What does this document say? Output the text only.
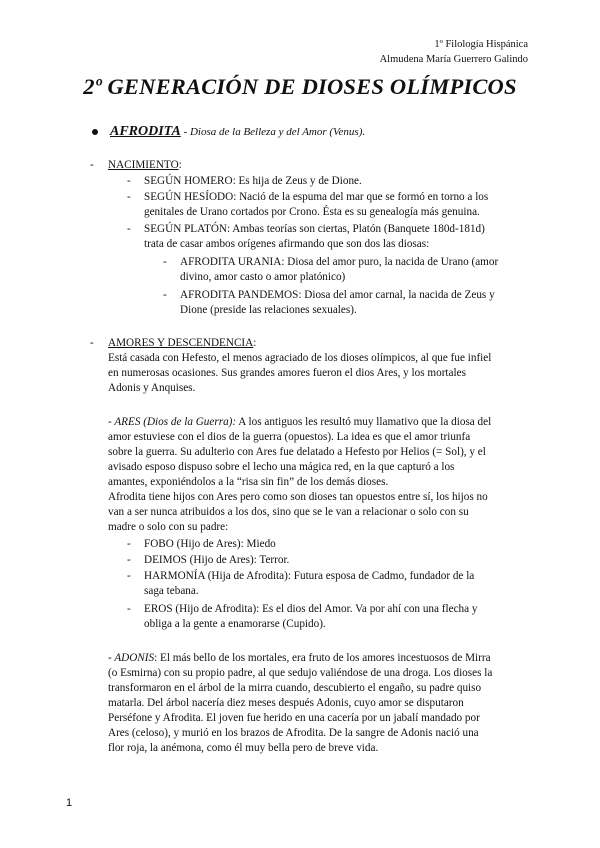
1º Filología Hispánica
Almudena María Guerrero Galindo
2º GENERACIÓN DE DIOSES OLÍMPICOS
AFRODITA - Diosa de la Belleza y del Amor (Venus).
- NACIMIENTO:
- SEGÚN HOMERO: Es hija de Zeus y de Dione.
- SEGÚN HESÍODO: Nació de la espuma del mar que se formó en torno a los
genitales de Urano cortados por Crono. Ésta es su genealogía más genuina.
- SEGÚN PLATÓN: Ambas teorías son ciertas, Platón (Banquete 180d-181d)
trata de casar ambos orígenes afirmando que son dos las diosas:
- AFRODITA URANIA: Diosa del amor puro, la nacida de Urano (amor
divino, amor casto o amor platónico)
- AFRODITA PANDEMOS: Diosa del amor carnal, la nacida de Zeus y
Dione (preside las relaciones sexuales).
- AMORES Y DESCENDENCIA:
Está casada con Hefesto, el menos agraciado de los dioses olímpicos, al que fue infiel
en numerosas ocasiones. Sus grandes amores fueron el dios Ares, y los mortales
Adonis y Anquises.
- ARES (Dios de la Guerra): A los antiguos les resultó muy llamativo que la diosa del
amor estuviese con el dios de la guerra (opuestos). La idea es que el amor triunfa
sobre la guerra. Su adulterio con Ares fue delatado a Hefesto por Helios (= Sol), y el
avisado esposo dispuso sobre el lecho una mágica red, en la que capturó a los
amantes, exponiéndolos a la “risa sin fin” de los demás dioses.
Afrodita tiene hijos con Ares pero como son dioses tan opuestos entre sí, los hijos no
van a ser nunca atribuidos a los dos, sino que se le van a relacionar o solo con su
madre o solo con su padre:
- FOBO (Hijo de Ares): Miedo
- DEIMOS (Hijo de Ares): Terror.
- HARMONÍA (Hija de Afrodita): Futura esposa de Cadmo, fundador de la
saga tebana.
- EROS (Hijo de Afrodita): Es el dios del Amor. Va por ahí con una flecha y
obliga a la gente a enamorarse (Cupido).
- ADONIS: El más bello de los mortales, era fruto de los amores incestuosos de Mirra
(o Esmirna) con su propio padre, al que sedujo valiéndose de una droga. Los dioses la
transformaron en el árbol de la mirra cuando, descubierto el engaño, su padre quiso
matarla. Del árbol nacería diez meses después Adonis, cuyo amor se disputaron
Perséfone y Afrodita. El joven fue herido en una cacería por un jabalí mandado por
Ares (celoso), y murió en los brazos de Afrodita. De la sangre de Adonis nació una
flor roja, la anémona, como él muy bella pero de breve vida.
1
